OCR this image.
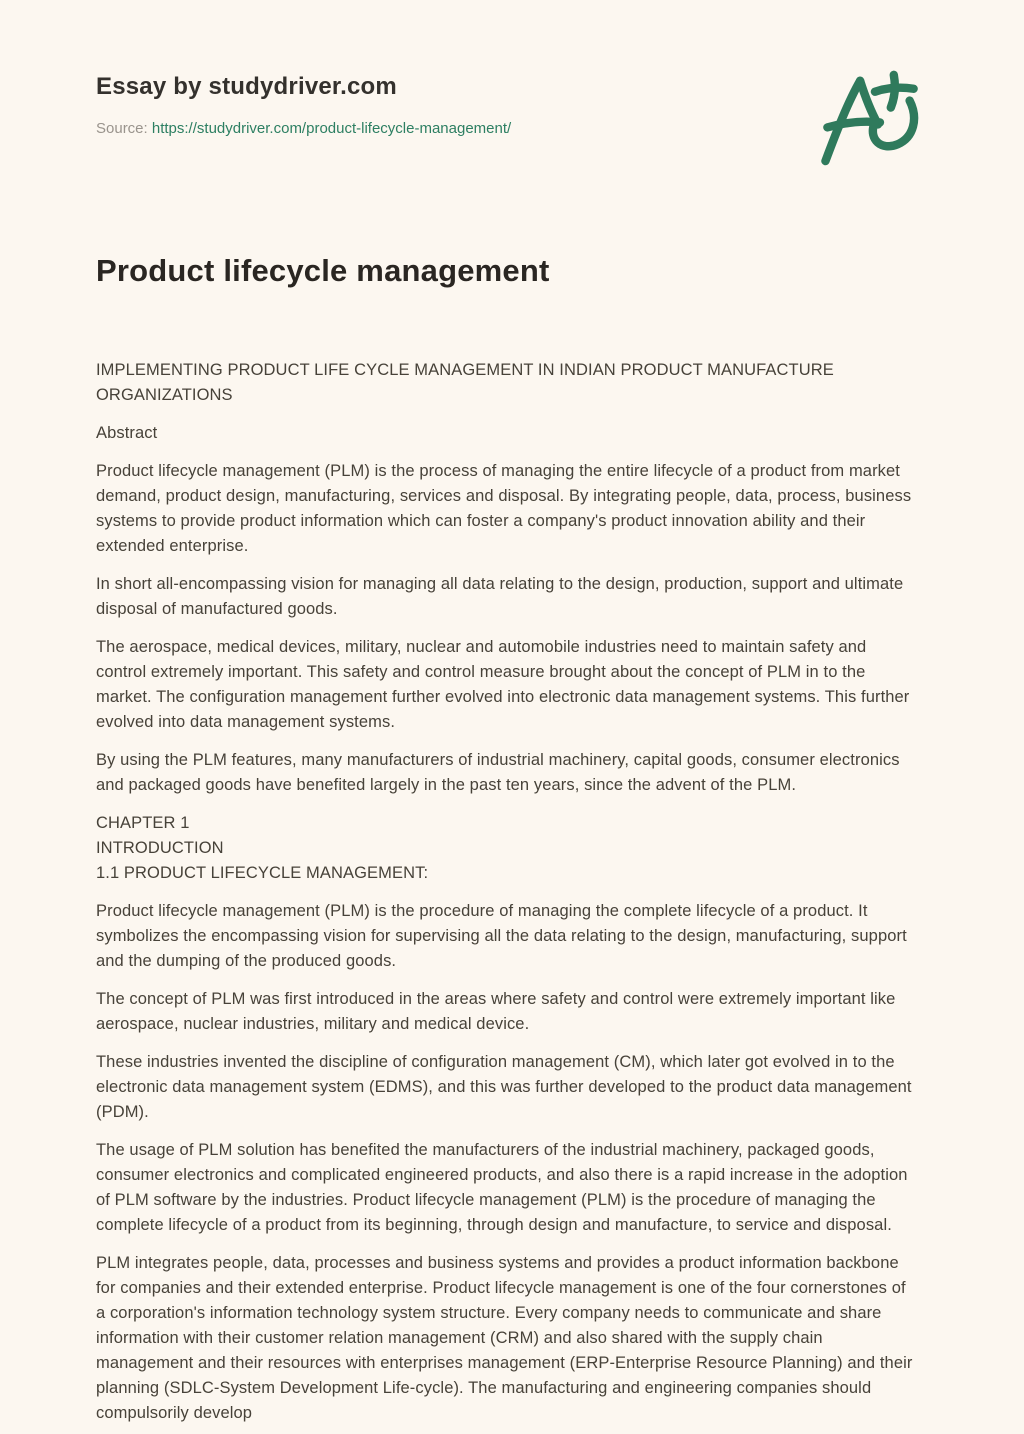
Essay by studydriver.com

Source: https://studydriver.com/product-lifecycle-management/

Product lifecycle management

IMPLEMENTING PRODUCT LIFE CYCLE MANAGEMENT IN INDIAN PRODUCT MANUFACTURE ORGANIZATIONS

Abstract

Product lifecycle management (PLM) is the process of managing the entire lifecycle of a product from market demand, product design, manufacturing, services and disposal. By integrating people, data, process, business systems to provide product information which can foster a company's product innovation ability and their extended enterprise.

In short all-encompassing vision for managing all data relating to the design, production, support and ultimate disposal of manufactured goods.

The aerospace, medical devices, military, nuclear and automobile industries need to maintain safety and control extremely important. This safety and control measure brought about the concept of PLM in to the market. The configuration management further evolved into electronic data management systems. This further evolved into data management systems.

By using the PLM features, many manufacturers of industrial machinery, capital goods, consumer electronics and packaged goods have benefited largely in the past ten years, since the advent of the PLM.

CHAPTER 1
INTRODUCTION
1.1 PRODUCT LIFECYCLE MANAGEMENT:

Product lifecycle management (PLM) is the procedure of managing the complete lifecycle of a product. It symbolizes the encompassing vision for supervising all the data relating to the design, manufacturing, support and the dumping of the produced goods.

The concept of PLM was first introduced in the areas where safety and control were extremely important like aerospace, nuclear industries, military and medical device.

These industries invented the discipline of configuration management (CM), which later got evolved in to the electronic data management system (EDMS), and this was further developed to the product data management (PDM).

The usage of PLM solution has benefited the manufacturers of the industrial machinery, packaged goods, consumer electronics and complicated engineered products, and also there is a rapid increase in the adoption of PLM software by the industries. Product lifecycle management (PLM) is the procedure of managing the complete lifecycle of a product from its beginning, through design and manufacture, to service and disposal.

PLM integrates people, data, processes and business systems and provides a product information backbone for companies and their extended enterprise. Product lifecycle management is one of the four cornerstones of a corporation's information technology system structure. Every company needs to communicate and share information with their customer relation management (CRM) and also shared with the supply chain management and their resources with enterprises management (ERP-Enterprise Resource Planning) and their planning (SDLC-System Development Life-cycle). The manufacturing and engineering companies should compulsorily develop
